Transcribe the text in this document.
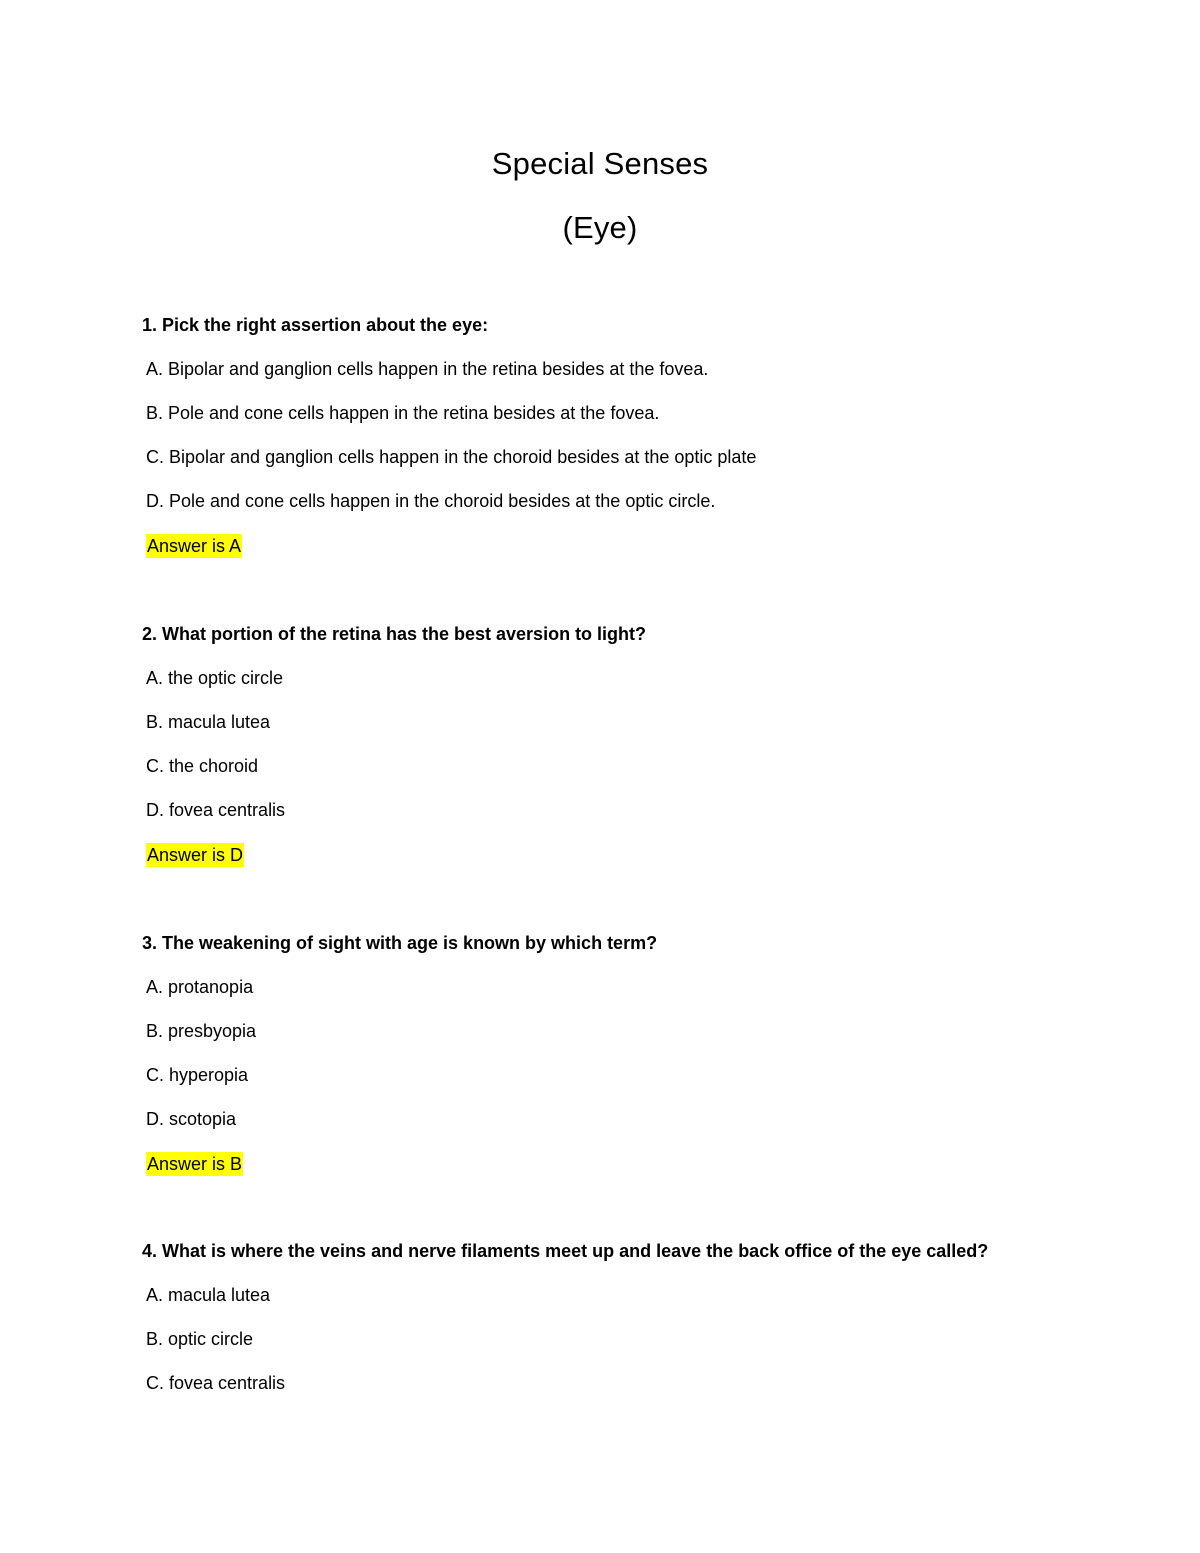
Special Senses
(Eye)
1. Pick the right assertion about the eye:
A. Bipolar and ganglion cells happen in the retina besides at the fovea.
B. Pole and cone cells happen in the retina besides at the fovea.
C. Bipolar and ganglion cells happen in the choroid besides at the optic plate
D. Pole and cone cells happen in the choroid besides at the optic circle.
Answer is A
2. What portion of the retina has the best aversion to light?
A. the optic circle
B. macula lutea
C. the choroid
D. fovea centralis
Answer is D
3. The weakening of sight with age is known by which term?
A. protanopia
B. presbyopia
C. hyperopia
D. scotopia
Answer is B
4. What is where the veins and nerve filaments meet up and leave the back office of the eye called?
A. macula lutea
B. optic circle
C. fovea centralis
